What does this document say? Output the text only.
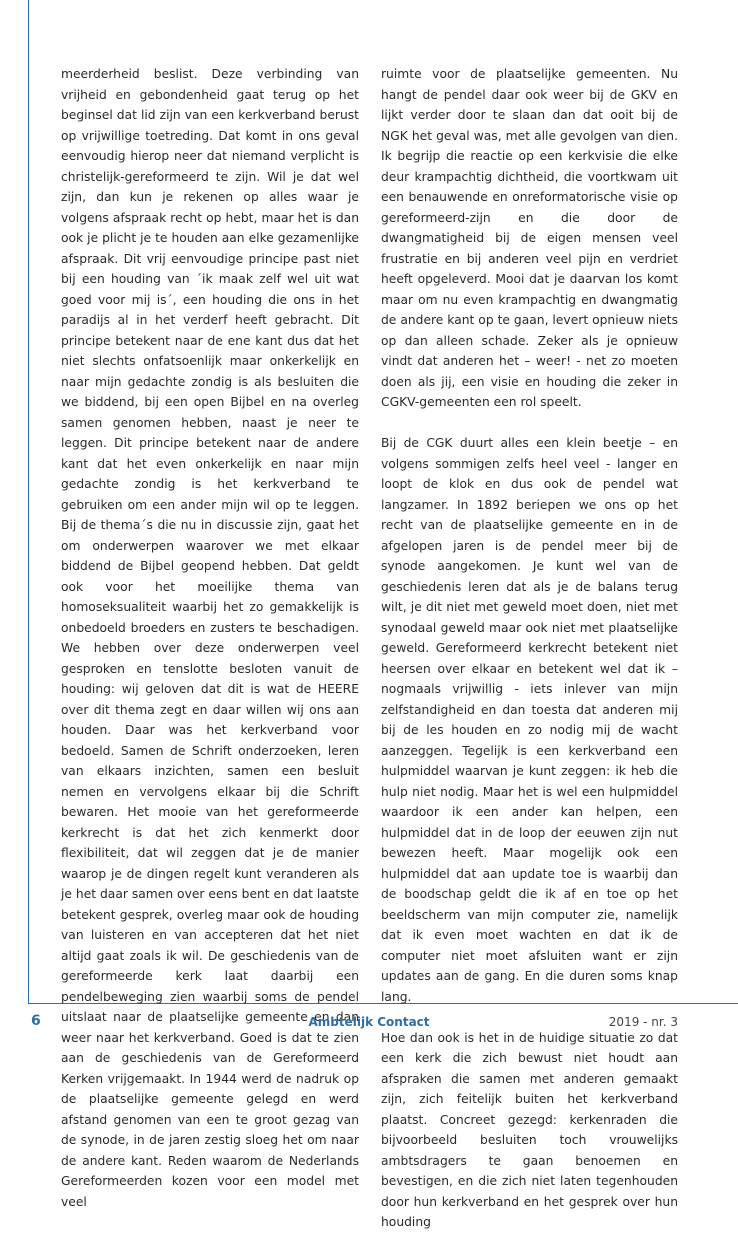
meerderheid beslist. Deze verbinding van vrijheid en gebondenheid gaat terug op het beginsel dat lid zijn van een kerkverband berust op vrijwillige toetreding. Dat komt in ons geval eenvoudig hierop neer dat niemand verplicht is christelijk-gereformeerd te zijn. Wil je dat wel zijn, dan kun je rekenen op alles waar je volgens afspraak recht op hebt, maar het is dan ook je plicht je te houden aan elke gezamenlijke afspraak. Dit vrij eenvoudige principe past niet bij een houding van ´ik maak zelf wel uit wat goed voor mij is´, een houding die ons in het paradijs al in het verderf heeft gebracht. Dit principe betekent naar de ene kant dus dat het niet slechts onfatsoenlijk maar onkerkelijk en naar mijn gedachte zondig is als besluiten die we biddend, bij een open Bijbel en na overleg samen genomen hebben, naast je neer te leggen. Dit principe betekent naar de andere kant dat het even onkerkelijk en naar mijn gedachte zondig is het kerkverband te gebruiken om een ander mijn wil op te leggen. Bij de thema´s die nu in discussie zijn, gaat het om onderwerpen waarover we met elkaar biddend de Bijbel geopend hebben. Dat geldt ook voor het moeilijke thema van homoseksualiteit waarbij het zo gemakkelijk is onbedoeld broeders en zusters te beschadigen. We hebben over deze onderwerpen veel gesproken en tenslotte besloten vanuit de houding: wij geloven dat dit is wat de HEERE over dit thema zegt en daar willen wij ons aan houden. Daar was het kerkverband voor bedoeld. Samen de Schrift onderzoeken, leren van elkaars inzichten, samen een besluit nemen en vervolgens elkaar bij die Schrift bewaren. Het mooie van het gereformeerde kerkrecht is dat het zich kenmerkt door flexibiliteit, dat wil zeggen dat je de manier waarop je de dingen regelt kunt veranderen als je het daar samen over eens bent en dat laatste betekent gesprek, overleg maar ook de houding van luisteren en van accepteren dat het niet altijd gaat zoals ik wil. De geschiedenis van de gereformeerde kerk laat daarbij een pendelbeweging zien waarbij soms de pendel uitslaat naar de plaatselijke gemeente en dan weer naar het kerkverband. Goed is dat te zien aan de geschiedenis van de Gereformeerd Kerken vrijgemaakt. In 1944 werd de nadruk op de plaatselijke gemeente gelegd en werd afstand genomen van een te groot gezag van de synode, in de jaren zestig sloeg het om naar de andere kant. Reden waarom de Nederlands Gereformeerden kozen voor een model met veel

ruimte voor de plaatselijke gemeenten. Nu hangt de pendel daar ook weer bij de GKV en lijkt verder door te slaan dan dat ooit bij de NGK het geval was, met alle gevolgen van dien. Ik begrijp die reactie op een kerkvisie die elke deur krampachtig dichtheid, die voortkwam uit een benauwende en onreformatorische visie op gereformeerd-zijn en die door de dwangmatigheid bij de eigen mensen veel frustratie en bij anderen veel pijn en verdriet heeft opgeleverd. Mooi dat je daarvan los komt maar om nu even krampachtig en dwangmatig de andere kant op te gaan, levert opnieuw niets op dan alleen schade. Zeker als je opnieuw vindt dat anderen het – weer! - net zo moeten doen als jij, een visie en houding die zeker in CGKV-gemeenten een rol speelt.

Bij de CGK duurt alles een klein beetje – en volgens sommigen zelfs heel veel - langer en loopt de klok en dus ook de pendel wat langzamer. In 1892 beriepen we ons op het recht van de plaatselijke gemeente en in de afgelopen jaren is de pendel meer bij de synode aangekomen. Je kunt wel van de geschiedenis leren dat als je de balans terug wilt, je dit niet met geweld moet doen, niet met synodaal geweld maar ook niet met plaatselijke geweld. Gereformeerd kerkrecht betekent niet heersen over elkaar en betekent wel dat ik – nogmaals vrijwillig - iets inlever van mijn zelfstandigheid en dan toesta dat anderen mij bij de les houden en zo nodig mij de wacht aanzeggen. Tegelijk is een kerkverband een hulpmiddel waarvan je kunt zeggen: ik heb die hulp niet nodig. Maar het is wel een hulpmiddel waardoor ik een ander kan helpen, een hulpmiddel dat in de loop der eeuwen zijn nut bewezen heeft. Maar mogelijk ook een hulpmiddel dat aan update toe is waarbij dan de boodschap geldt die ik af en toe op het beeldscherm van mijn computer zie, namelijk dat ik even moet wachten en dat ik de computer niet moet afsluiten want er zijn updates aan de gang. En die duren soms knap lang.

Hoe dan ook is het in de huidige situatie zo dat een kerk die zich bewust niet houdt aan afspraken die samen met anderen gemaakt zijn, zich feitelijk buiten het kerkverband plaatst. Concreet gezegd: kerkenraden die bijvoorbeeld besluiten toch vrouwelijks ambtsdragers te gaan benoemen en bevestigen, en die zich niet laten tegenhouden door hun kerkverband en het gesprek over hun houding

6	Ambtelijk Contact	2019 - nr. 3
